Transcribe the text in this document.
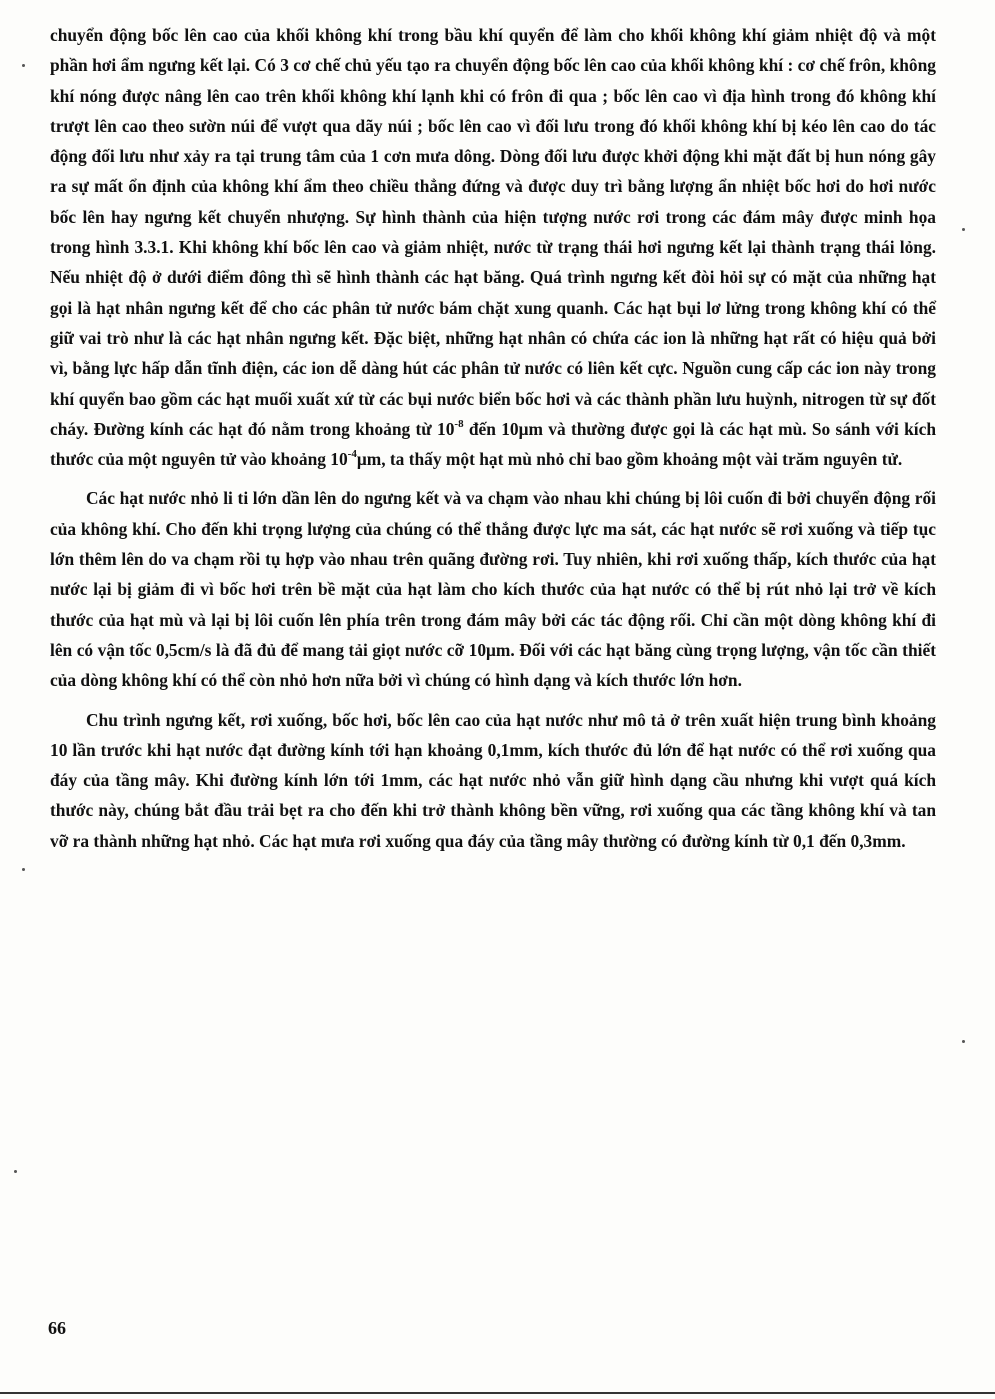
chuyển động bốc lên cao của khối không khí trong bầu khí quyển để làm cho khối không khí giảm nhiệt độ và một phần hơi ẩm ngưng kết lại. Có 3 cơ chế chủ yếu tạo ra chuyển động bốc lên cao của khối không khí : cơ chế frôn, không khí nóng được nâng lên cao trên khối không khí lạnh khi có frôn đi qua ; bốc lên cao vì địa hình trong đó không khí trượt lên cao theo sườn núi để vượt qua dãy núi ; bốc lên cao vì đối lưu trong đó khối không khí bị kéo lên cao do tác động đối lưu như xảy ra tại trung tâm của 1 cơn mưa dông. Dòng đối lưu được khởi động khi mặt đất bị hun nóng gây ra sự mất ổn định của không khí ẩm theo chiều thẳng đứng và được duy trì bằng lượng ẩn nhiệt bốc hơi do hơi nước bốc lên hay ngưng kết chuyển nhượng. Sự hình thành của hiện tượng nước rơi trong các đám mây được minh họa trong hình 3.3.1. Khi không khí bốc lên cao và giảm nhiệt, nước từ trạng thái hơi ngưng kết lại thành trạng thái lỏng. Nếu nhiệt độ ở dưới điểm đông thì sẽ hình thành các hạt băng. Quá trình ngưng kết đòi hỏi sự có mặt của những hạt gọi là hạt nhân ngưng kết để cho các phân tử nước bám chặt xung quanh. Các hạt bụi lơ lửng trong không khí có thể giữ vai trò như là các hạt nhân ngưng kết. Đặc biệt, những hạt nhân có chứa các ion là những hạt rất có hiệu quả bởi vì, bằng lực hấp dẫn tĩnh điện, các ion dễ dàng hút các phân tử nước có liên kết cực. Nguồn cung cấp các ion này trong khí quyển bao gồm các hạt muối xuất xứ từ các bụi nước biển bốc hơi và các thành phần lưu huỳnh, nitrogen từ sự đốt cháy. Đường kính các hạt đó nằm trong khoảng từ $10^{-8}$ đến 10μm và thường được gọi là các hạt mù. So sánh với kích thước của một nguyên tử vào khoảng $10^{-4}\mu m$, ta thấy một hạt mù nhỏ chỉ bao gồm khoảng một vài trăm nguyên tử.

Các hạt nước nhỏ li ti lớn dần lên do ngưng kết và va chạm vào nhau khi chúng bị lôi cuốn đi bởi chuyển động rối của không khí. Cho đến khi trọng lượng của chúng có thể thắng được lực ma sát, các hạt nước sẽ rơi xuống và tiếp tục lớn thêm lên do va chạm rồi tụ hợp vào nhau trên quãng đường rơi. Tuy nhiên, khi rơi xuống thấp, kích thước của hạt nước lại bị giảm đi vì bốc hơi trên bề mặt của hạt làm cho kích thước của hạt nước có thể bị rút nhỏ lại trở về kích thước của hạt mù và lại bị lôi cuốn lên phía trên trong đám mây bởi các tác động rối. Chỉ cần một dòng không khí đi lên có vận tốc 0,5cm/s là đã đủ để mang tải giọt nước cỡ 10μm. Đối với các hạt băng cùng trọng lượng, vận tốc cần thiết của dòng không khí có thể còn nhỏ hơn nữa bởi vì chúng có hình dạng và kích thước lớn hơn.

Chu trình ngưng kết, rơi xuống, bốc hơi, bốc lên cao của hạt nước như mô tả ở trên xuất hiện trung bình khoảng 10 lần trước khi hạt nước đạt đường kính tới hạn khoảng 0,1mm, kích thước đủ lớn để hạt nước có thể rơi xuống qua đáy của tầng mây. Khi đường kính lớn tới 1mm, các hạt nước nhỏ vẫn giữ hình dạng cầu nhưng khi vượt quá kích thước này, chúng bắt đầu trải bẹt ra cho đến khi trở thành không bền vững, rơi xuống qua các tầng không khí và tan vỡ ra thành những hạt nhỏ. Các hạt mưa rơi xuống qua đáy của tầng mây thường có đường kính từ 0,1 đến 0,3mm.

66
